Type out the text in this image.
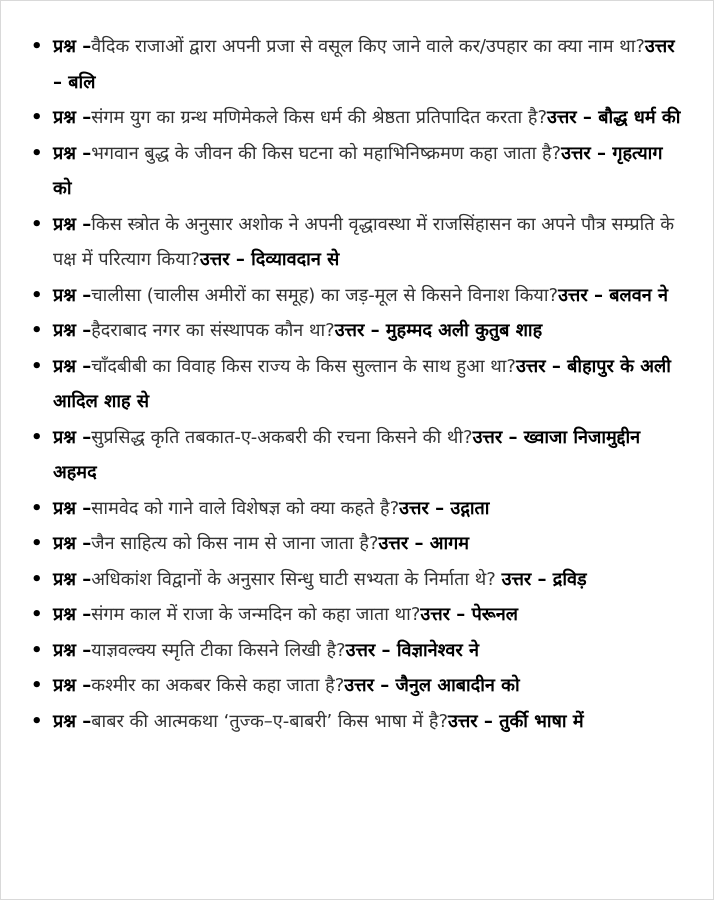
• प्रश्न –वैदिक राजाओं द्वारा अपनी प्रजा से वसूल किए जाने वाले कर/उपहार का क्या नाम था?उत्तर – बलि
• प्रश्न –संगम युग का ग्रन्थ मणिमेकले किस धर्म की श्रेष्ठता प्रतिपादित करता है?उत्तर – बौद्ध धर्म की
• प्रश्न –भगवान बुद्ध के जीवन की किस घटना को महाभिनिष्क्रमण कहा जाता है?उत्तर – गृहत्याग को
• प्रश्न –किस स्त्रोत के अनुसार अशोक ने अपनी वृद्धावस्था में राजसिंहासन का अपने पौत्र सम्प्रति के पक्ष में परित्याग किया?उत्तर – दिव्यावदान से
• प्रश्न –चालीसा (चालीस अमीरों का समूह) का जड़-मूल से किसने विनाश किया?उत्तर – बलवन ने
• प्रश्न –हैदराबाद नगर का संस्थापक कौन था?उत्तर – मुहम्मद अली कुतुब शाह
• प्रश्न –चाँदबीबी का विवाह किस राज्य के किस सुल्तान के साथ हुआ था?उत्तर – बीहापुर के अली आदिल शाह से
• प्रश्न –सुप्रसिद्ध कृति तबकात-ए-अकबरी की रचना किसने की थी?उत्तर – ख्वाजा निजामुद्दीन अहमद
• प्रश्न –सामवेद को गाने वाले विशेषज्ञ को क्या कहते है?उत्तर – उद्गाता
• प्रश्न –जैन साहित्य को किस नाम से जाना जाता है?उत्तर – आगम
• प्रश्न –अधिकांश विद्वानों के अनुसार सिन्धु घाटी सभ्यता के निर्माता थे? उत्तर – द्रविड़
• प्रश्न –संगम काल में राजा के जन्मदिन को कहा जाता था?उत्तर – पेरूनल
• प्रश्न –याज्ञवल्क्य स्मृति टीका किसने लिखी है?उत्तर – विज्ञानेश्वर ने
• प्रश्न –कश्मीर का अकबर किसे कहा जाता है?उत्तर – जैनुल आबादीन को
• प्रश्न –बाबर की आत्मकथा ‘तुज्क–ए-बाबरी’ किस भाषा में है?उत्तर – तुर्की भाषा में
